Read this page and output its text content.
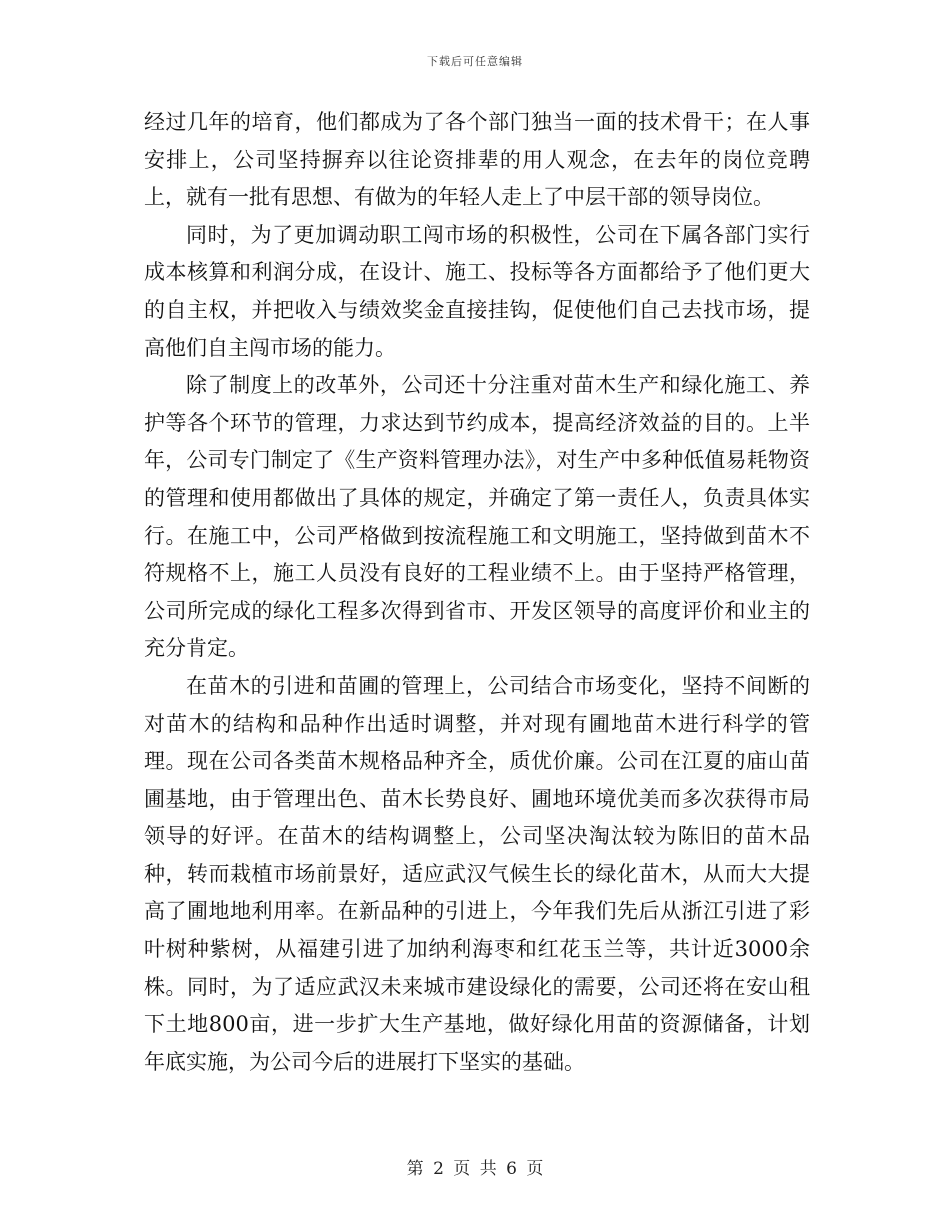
下载后可任意编辑

经过几年的培育，他们都成为了各个部门独当一面的技术骨干；在人事安排上，公司坚持摒弃以往论资排辈的用人观念，在去年的岗位竞聘上，就有一批有思想、有做为的年轻人走上了中层干部的领导岗位。

同时，为了更加调动职工闯市场的积极性，公司在下属各部门实行成本核算和利润分成，在设计、施工、投标等各方面都给予了他们更大的自主权，并把收入与绩效奖金直接挂钩，促使他们自己去找市场，提高他们自主闯市场的能力。

除了制度上的改革外，公司还十分注重对苗木生产和绿化施工、养护等各个环节的管理，力求达到节约成本，提高经济效益的目的。上半年，公司专门制定了《生产资料管理办法》，对生产中多种低值易耗物资的管理和使用都做出了具体的规定，并确定了第一责任人，负责具体实行。在施工中，公司严格做到按流程施工和文明施工，坚持做到苗木不符规格不上，施工人员没有良好的工程业绩不上。由于坚持严格管理，公司所完成的绿化工程多次得到省市、开发区领导的高度评价和业主的充分肯定。

在苗木的引进和苗圃的管理上，公司结合市场变化，坚持不间断的对苗木的结构和品种作出适时调整，并对现有圃地苗木进行科学的管理。现在公司各类苗木规格品种齐全，质优价廉。公司在江夏的庙山苗圃基地，由于管理出色、苗木长势良好、圃地环境优美而多次获得市局领导的好评。在苗木的结构调整上，公司坚决淘汰较为陈旧的苗木品种，转而栽植市场前景好，适应武汉气候生长的绿化苗木，从而大大提高了圃地地利用率。在新品种的引进上，今年我们先后从浙江引进了彩叶树种紫树，从福建引进了加纳利海枣和红花玉兰等，共计近3000余株。同时，为了适应武汉未来城市建设绿化的需要，公司还将在安山租下土地800亩，进一步扩大生产基地，做好绿化用苗的资源储备，计划年底实施，为公司今后的进展打下坚实的基础。

第 2 页 共 6 页
